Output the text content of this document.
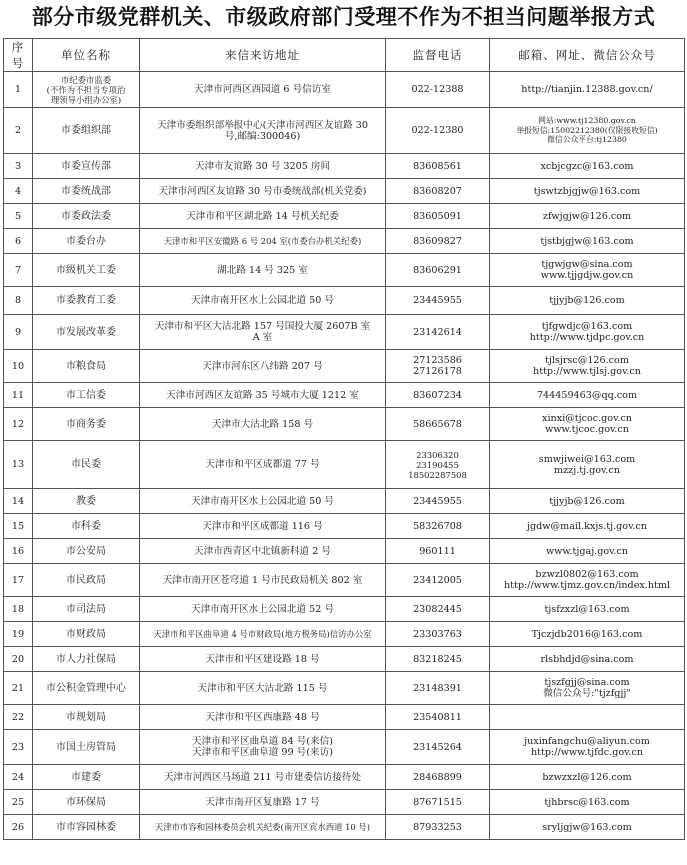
部分市级党群机关、市级政府部门受理不作为不担当问题举报方式
序号	单位名称	来信来访地址	监督电话	邮箱、网址、微信公众号
1	市纪委市监委
(不作为不担当专项治
理领导小组办公室)	天津市河西区西园道 6 号信访室	022-12388	http://tianjin.12388.gov.cn/

2	市委组织部	天津市委组织部举报中心(天津市河西区友谊路 30
号,邮编:300046)	022-12380	网站:www.tj12380.gov.cn
举报短信:15002212380(仅限接收短信)
微信公众平台:tj12380

3	市委宣传部	天津市友谊路 30 号 3205 房间	83608561	xcbjcgzc@163.com

4	市委统战部	天津市河西区友谊路 30 号市委统战部(机关党委)	83608207	tjswtzbjgjw@163.com

5	市委政法委	天津市和平区湖北路 14 号机关纪委	83605091	zfwjgjw@126.com

6	市委台办	天津市和平区安徽路 6 号 204 室(市委台办机关纪委)	83609827	tjstbjgjw@163.com

7	市级机关工委	湖北路 14 号 325 室	83606291	tjgwjgw@sina.com
www.tjjgdjw.gov.cn

8	市委教育工委	天津市南开区水上公园北道 50 号	23445955	tjjyjb@126.com

9	市发展改革委	天津市和平区大沽北路 157 号国投大厦 2607B 室
A 室	23142614	tjfgwdjc@163.com
http://www.tjdpc.gov.cn

10	市粮食局	天津市河东区八纬路 207 号	27123586
27126178	tjlsjrsc@126.com
http://www.tjlsj.gov.cn

11	市工信委	天津市河西区友谊路 35 号城市大厦 1212 室	83607234	744459463@qq.com

12	市商务委	天津市大沽北路 158 号	58665678	xinxi@tjcoc.gov.cn
www.tjcoc.gov.cn

13	市民委	天津市和平区成都道 77 号	23306320
23190455
18502287508	smwjiwei@163.com
mzzj.tj.gov.cn

14	教委	天津市南开区水上公园北道 50 号	23445955	tjjyjb@126.com

15	市科委	天津市和平区成都道 116 号	58326708	jgdw@mail.kxjs.tj.gov.cn

16	市公安局	天津市西青区中北镇新科道 2 号	960111	www.tjgaj.gov.cn

17	市民政局	天津市南开区苍穹道 1 号市民政局机关 802 室	23412005	bzwzl0802@163.com
http://www.tjmz.gov.cn/index.html

18	市司法局	天津市南开区水上公园北道 52 号	23082445	tjsfzxzl@163.com

19	市财政局	天津市和平区曲阜道 4 号市财政局(地方税务局)信访办公室	23303763	Tjczjdb2016@163.com

20	市人力社保局	天津市和平区建设路 18 号	83218245	rlsbhdjd@sina.com

21	市公积金管理中心	天津市和平区大沽北路 115 号	23148391	tjszfgjj@sina.com
微信公众号:"tjzfgjj"

22	市规划局	天津市和平区西康路 48 号	23540811	

23	市国土房管局	天津市和平区曲阜道 84 号(来信)
天津市和平区曲阜道 99 号(来访)	23145264	juxinfangchu@aliyun.com
http://www.tjfdc.gov.cn

24	市建委	天津市河西区马场道 211 号市建委信访接待处	28468899	bzwzxzl@126.com

25	市环保局	天津市南开区复康路 17 号	87671515	tjhbrsc@163.com

26	市市容园林委	天津市市容和园林委员会机关纪委(南开区宾水西道 10 号)	87933253	sryljgjw@163.com
